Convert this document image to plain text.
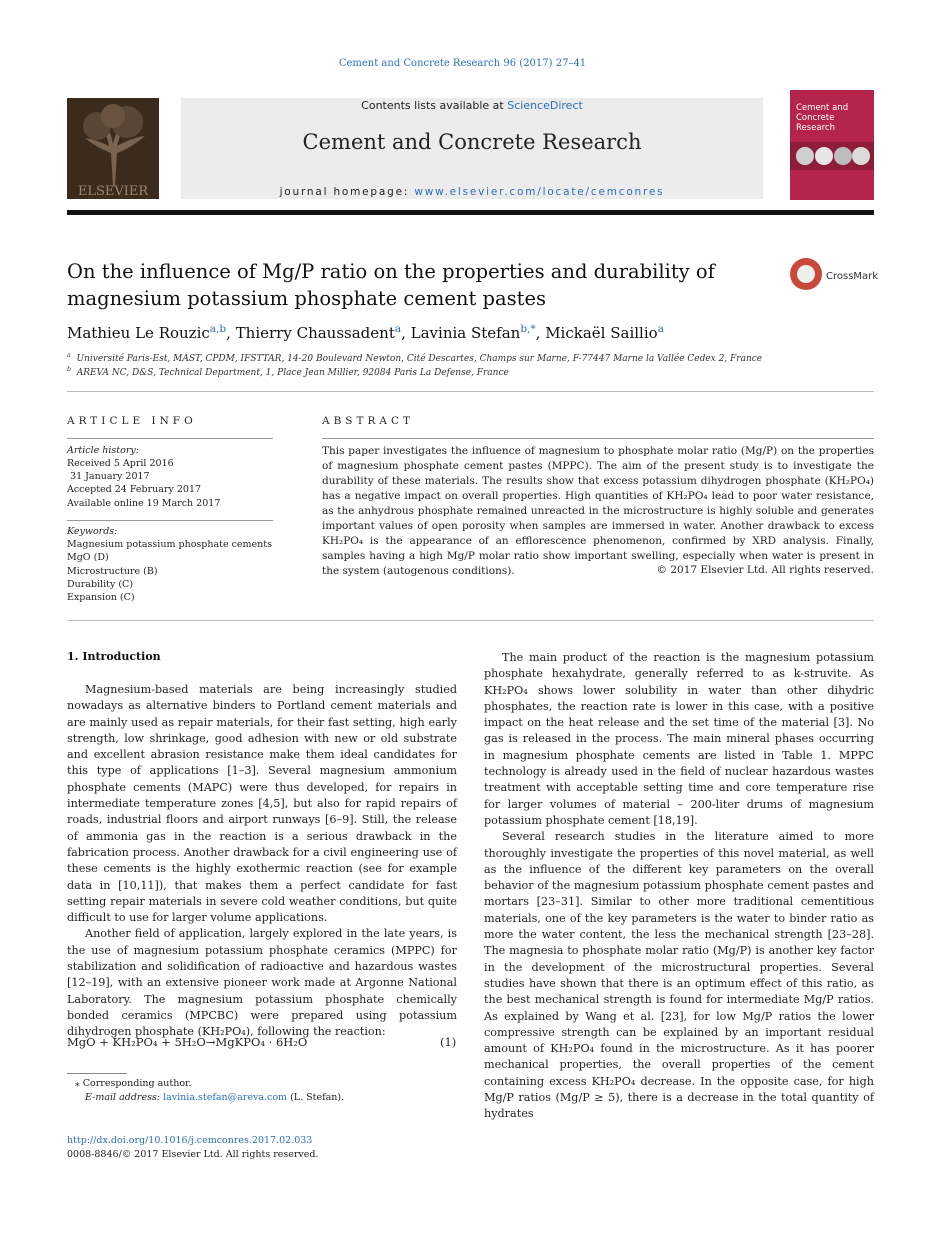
Cement and Concrete Research 96 (2017) 27–41
ELSEVIER
Contents lists available at ScienceDirect
Cement and Concrete Research
journal homepage: www.elsevier.com/locate/cemconres
Cement and Concrete Research
On the influence of Mg/P ratio on the properties and durability of magnesium potassium phosphate cement pastes
CrossMark
Mathieu Le Rouzic$^{a,b}$, Thierry Chaussadent$^a$, Lavinia Stefan$^{b,*}$, Mickaël Saillio$^a$
$^a$ Université Paris-Est, MAST, CPDM, IFSTTAR, 14-20 Boulevard Newton, Cité Descartes, Champs sur Marne, F-77447 Marne la Vallée Cedex 2, France
$^b$ AREVA NC, D&S, Technical Department, 1, Place Jean Millier, 92084 Paris La Defense, France
ARTICLE INFO
Article history:
Received 5 April 2016
31 January 2017
Accepted 24 February 2017
Available online 19 March 2017
Keywords:
Magnesium potassium phosphate cements
MgO (D)
Microstructure (B)
Durability (C)
Expansion (C)
ABSTRACT
This paper investigates the influence of magnesium to phosphate molar ratio (Mg/P) on the properties of magnesium phosphate cement pastes (MPPC). The aim of the present study is to investigate the durability of these materials. The results show that excess potassium dihydrogen phosphate (KH₂PO₄) has a negative impact on overall properties. High quantities of KH₂PO₄ lead to poor water resistance, as the anhydrous phosphate remained unreacted in the microstructure is highly soluble and generates important values of open porosity when samples are immersed in water. Another drawback to excess KH₂PO₄ is the appearance of an efflorescence phenomenon, confirmed by XRD analysis. Finally, samples having a high Mg/P molar ratio show important swelling, especially when water is present in the system (autogenous conditions).	© 2017 Elsevier Ltd. All rights reserved.
1. Introduction

Magnesium-based materials are being increasingly studied nowadays as alternative binders to Portland cement materials and are mainly used as repair materials, for their fast setting, high early strength, low shrinkage, good adhesion with new or old substrate and excellent abrasion resistance make them ideal candidates for this type of applications [1–3]. Several magnesium ammonium phosphate cements (MAPC) were thus developed, for repairs in intermediate temperature zones [4,5], but also for rapid repairs of roads, industrial floors and airport runways [6–9]. Still, the release of ammonia gas in the reaction is a serious drawback in the fabrication process. Another drawback for a civil engineering use of these cements is the highly exothermic reaction (see for example data in [10,11]), that makes them a perfect candidate for fast setting repair materials in severe cold weather conditions, but quite difficult to use for larger volume applications.

Another field of application, largely explored in the late years, is the use of magnesium potassium phosphate ceramics (MPPC) for stabilization and solidification of radioactive and hazardous wastes [12–19], with an extensive pioneer work made at Argonne National Laboratory. The magnesium potassium phosphate chemically bonded ceramics (MPCBC) were prepared using potassium dihydrogen phosphate (KH₂PO₄), following the reaction:

MgO + KH₂PO₄ + 5H₂O→MgKPO₄ · 6H₂O	(1)
⁎ Corresponding author.
E-mail address: lavinia.stefan@areva.com (L. Stefan).
http://dx.doi.org/10.1016/j.cemconres.2017.02.033
0008-8846/© 2017 Elsevier Ltd. All rights reserved.

The main product of the reaction is the magnesium potassium phosphate hexahydrate, generally referred to as k-struvite. As KH₂PO₄ shows lower solubility in water than other dihydric phosphates, the reaction rate is lower in this case, with a positive impact on the heat release and the set time of the material [3]. No gas is released in the process. The main mineral phases occurring in magnesium phosphate cements are listed in Table 1. MPPC technology is already used in the field of nuclear hazardous wastes treatment with acceptable setting time and core temperature rise for larger volumes of material – 200-liter drums of magnesium potassium phosphate cement [18,19].

Several research studies in the literature aimed to more thoroughly investigate the properties of this novel material, as well as the influence of the different key parameters on the overall behavior of the magnesium potassium phosphate cement pastes and mortars [23–31]. Similar to other more traditional cementitious materials, one of the key parameters is the water to binder ratio as more the water content, the less the mechanical strength [23–28]. The magnesia to phosphate molar ratio (Mg/P) is another key factor in the development of the microstructural properties. Several studies have shown that there is an optimum effect of this ratio, as the best mechanical strength is found for intermediate Mg/P ratios. As explained by Wang et al. [23], for low Mg/P ratios the lower compressive strength can be explained by an important residual amount of KH₂PO₄ found in the microstructure. As it has poorer mechanical properties, the overall properties of the cement containing excess KH₂PO₄ decrease. In the opposite case, for high Mg/P ratios (Mg/P ≥ 5), there is a decrease in the total quantity of hydrates
